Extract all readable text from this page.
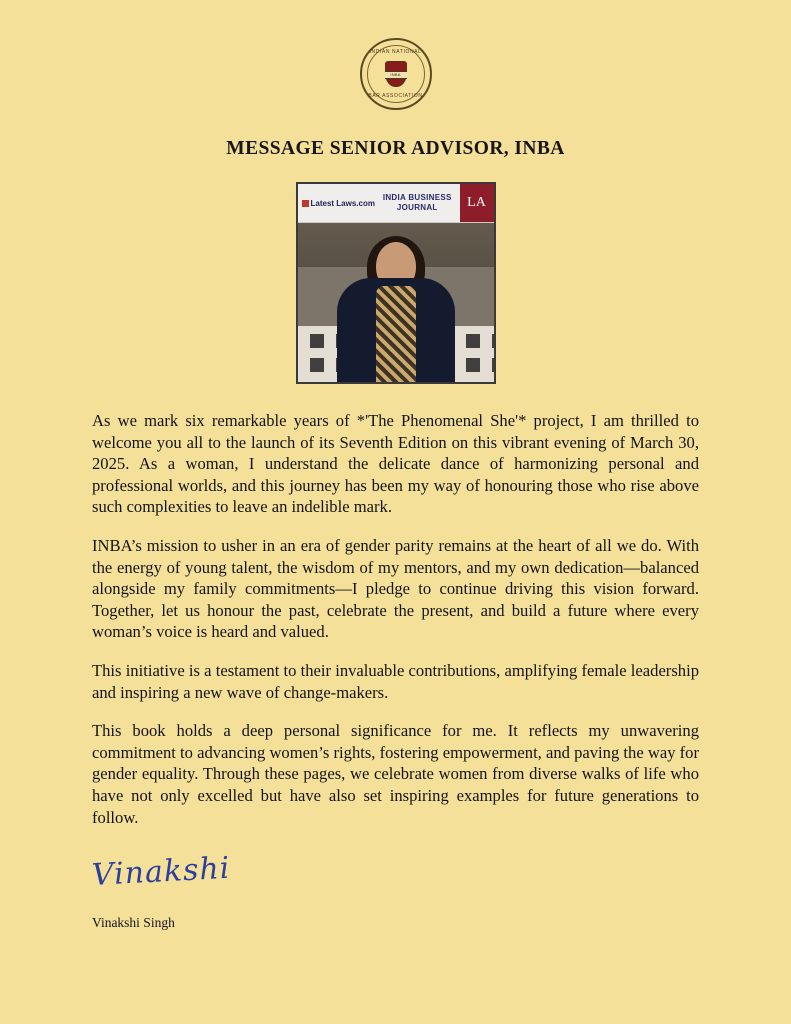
INDIAN NATIONAL
INBA
BAR ASSOCIATION
MESSAGE SENIOR ADVISOR, INBA
Latest Laws.com
INDIA BUSINESS JOURNAL	LA

As we mark six remarkable years of *'The Phenomenal She'* project, I am thrilled to welcome you all to the launch of its Seventh Edition on this vibrant evening of March 30, 2025. As a woman, I understand the delicate dance of harmonizing personal and professional worlds, and this journey has been my way of honouring those who rise above such complexities to leave an indelible mark.

INBA’s mission to usher in an era of gender parity remains at the heart of all we do. With the energy of young talent, the wisdom of my mentors, and my own dedication—balanced alongside my family commitments—I pledge to continue driving this vision forward. Together, let us honour the past, celebrate the present, and build a future where every woman’s voice is heard and valued.

This initiative is a testament to their invaluable contributions, amplifying female leadership and inspiring a new wave of change-makers.

This book holds a deep personal significance for me. It reflects my unwavering commitment to advancing women’s rights, fostering empowerment, and paving the way for gender equality. Through these pages, we celebrate women from diverse walks of life who have not only excelled but have also set inspiring examples for future generations to follow.

Vinakshi
Vinakshi Singh
